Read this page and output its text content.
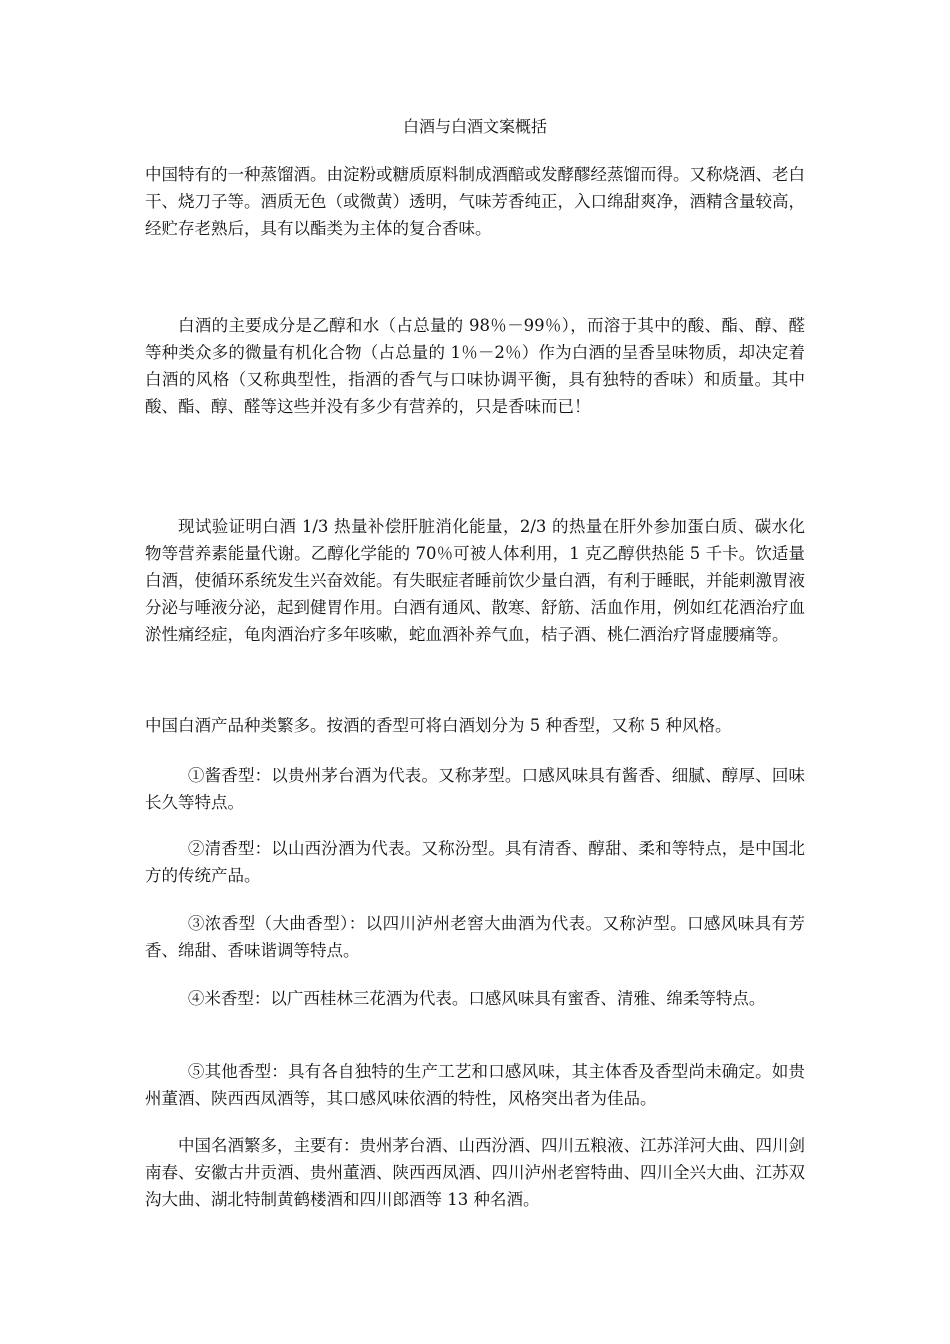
白酒与白酒文案概括

中国特有的一种蒸馏酒。由淀粉或糖质原料制成酒醅或发酵醪经蒸馏而得。又称烧酒、老白干、烧刀子等。酒质无色（或微黄）透明，气味芳香纯正，入口绵甜爽净，酒精含量较高，经贮存老熟后，具有以酯类为主体的复合香味。

白酒的主要成分是乙醇和水（占总量的 98％－99％），而溶于其中的酸、酯、醇、醛等种类众多的微量有机化合物（占总量的 1％－2％）作为白酒的呈香呈味物质，却决定着白酒的风格（又称典型性，指酒的香气与口味协调平衡，具有独特的香味）和质量。其中酸、酯、醇、醛等这些并没有多少有营养的，只是香味而已！

现试验证明白酒 1/3 热量补偿肝脏消化能量，2/3 的热量在肝外参加蛋白质、碳水化物等营养素能量代谢。乙醇化学能的 70％可被人体利用，1 克乙醇供热能 5 千卡。饮适量白酒，使循环系统发生兴奋效能。有失眠症者睡前饮少量白酒，有利于睡眠，并能刺激胃液分泌与唾液分泌，起到健胃作用。白酒有通风、散寒、舒筋、活血作用，例如红花酒治疗血淤性痛经症，龟肉酒治疗多年咳嗽，蛇血酒补养气血，桔子酒、桃仁酒治疗肾虚腰痛等。

中国白酒产品种类繁多。按酒的香型可将白酒划分为 5 种香型，又称 5 种风格。

①酱香型：以贵州茅台酒为代表。又称茅型。口感风味具有酱香、细腻、醇厚、回味长久等特点。

②清香型：以山西汾酒为代表。又称汾型。具有清香、醇甜、柔和等特点，是中国北方的传统产品。

③浓香型（大曲香型）：以四川泸州老窖大曲酒为代表。又称泸型。口感风味具有芳香、绵甜、香味谐调等特点。

④米香型：以广西桂林三花酒为代表。口感风味具有蜜香、清雅、绵柔等特点。

⑤其他香型：具有各自独特的生产工艺和口感风味，其主体香及香型尚未确定。如贵州董酒、陕西西凤酒等，其口感风味依酒的特性，风格突出者为佳品。

中国名酒繁多，主要有：贵州茅台酒、山西汾酒、四川五粮液、江苏洋河大曲、四川剑南春、安徽古井贡酒、贵州董酒、陕西西凤酒、四川泸州老窖特曲、四川全兴大曲、江苏双沟大曲、湖北特制黄鹤楼酒和四川郎酒等 13 种名酒。
